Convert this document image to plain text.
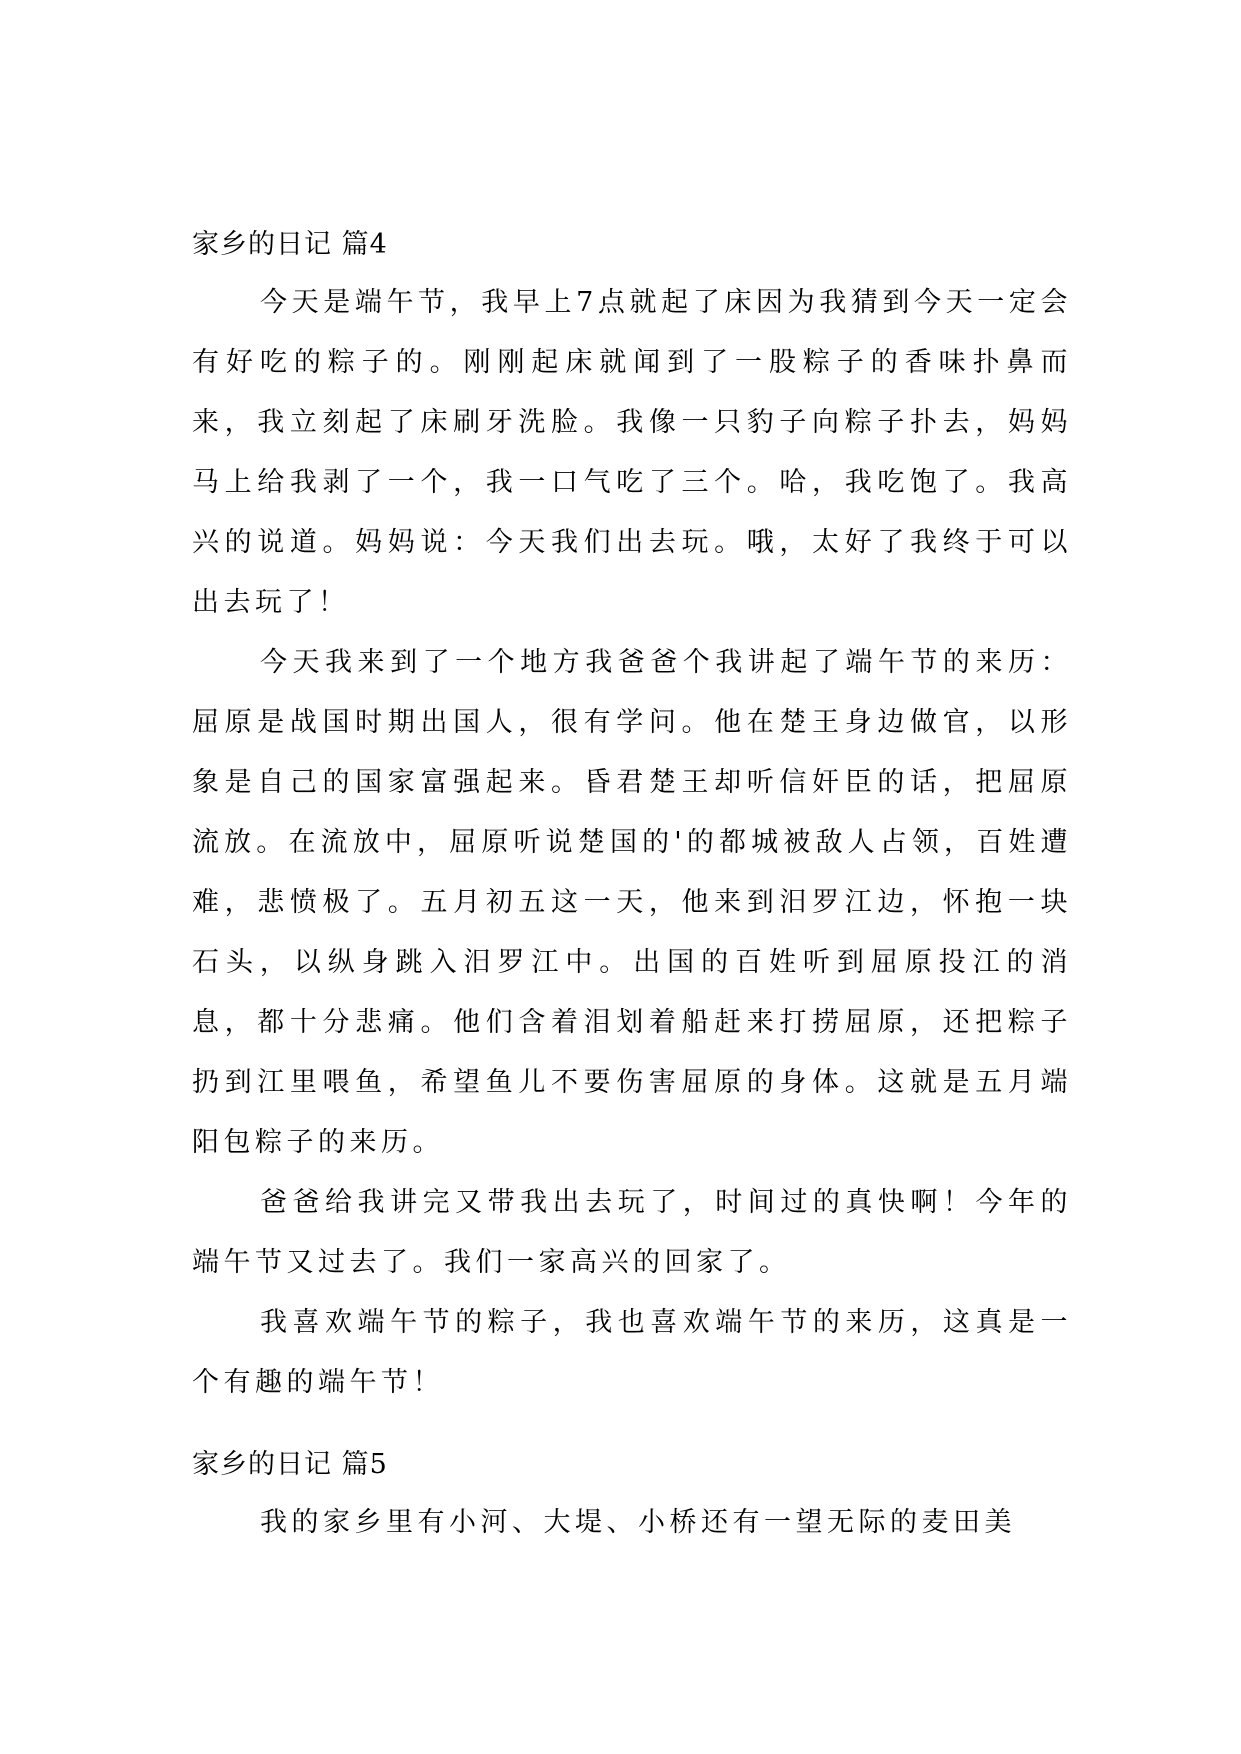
家乡的日记 篇4

今天是端午节，我早上7点就起了床因为我猜到今天一定会有好吃的粽子的。刚刚起床就闻到了一股粽子的香味扑鼻而来，我立刻起了床刷牙洗脸。我像一只豹子向粽子扑去，妈妈马上给我剥了一个，我一口气吃了三个。哈，我吃饱了。我高兴的说道。妈妈说：今天我们出去玩。哦，太好了我终于可以出去玩了！

今天我来到了一个地方我爸爸个我讲起了端午节的来历：屈原是战国时期出国人，很有学问。他在楚王身边做官，以形象是自己的国家富强起来。昏君楚王却听信奸臣的话，把屈原流放。在流放中，屈原听说楚国的'的都城被敌人占领，百姓遭难，悲愤极了。五月初五这一天，他来到汨罗江边，怀抱一块石头，以纵身跳入汨罗江中。出国的百姓听到屈原投江的消息，都十分悲痛。他们含着泪划着船赶来打捞屈原，还把粽子扔到江里喂鱼，希望鱼儿不要伤害屈原的身体。这就是五月端阳包粽子的来历。

爸爸给我讲完又带我出去玩了，时间过的真快啊！今年的端午节又过去了。我们一家高兴的回家了。

我喜欢端午节的粽子，我也喜欢端午节的来历，这真是一个有趣的端午节！

家乡的日记 篇5

我的家乡里有小河、大堤、小桥还有一望无际的麦田美
